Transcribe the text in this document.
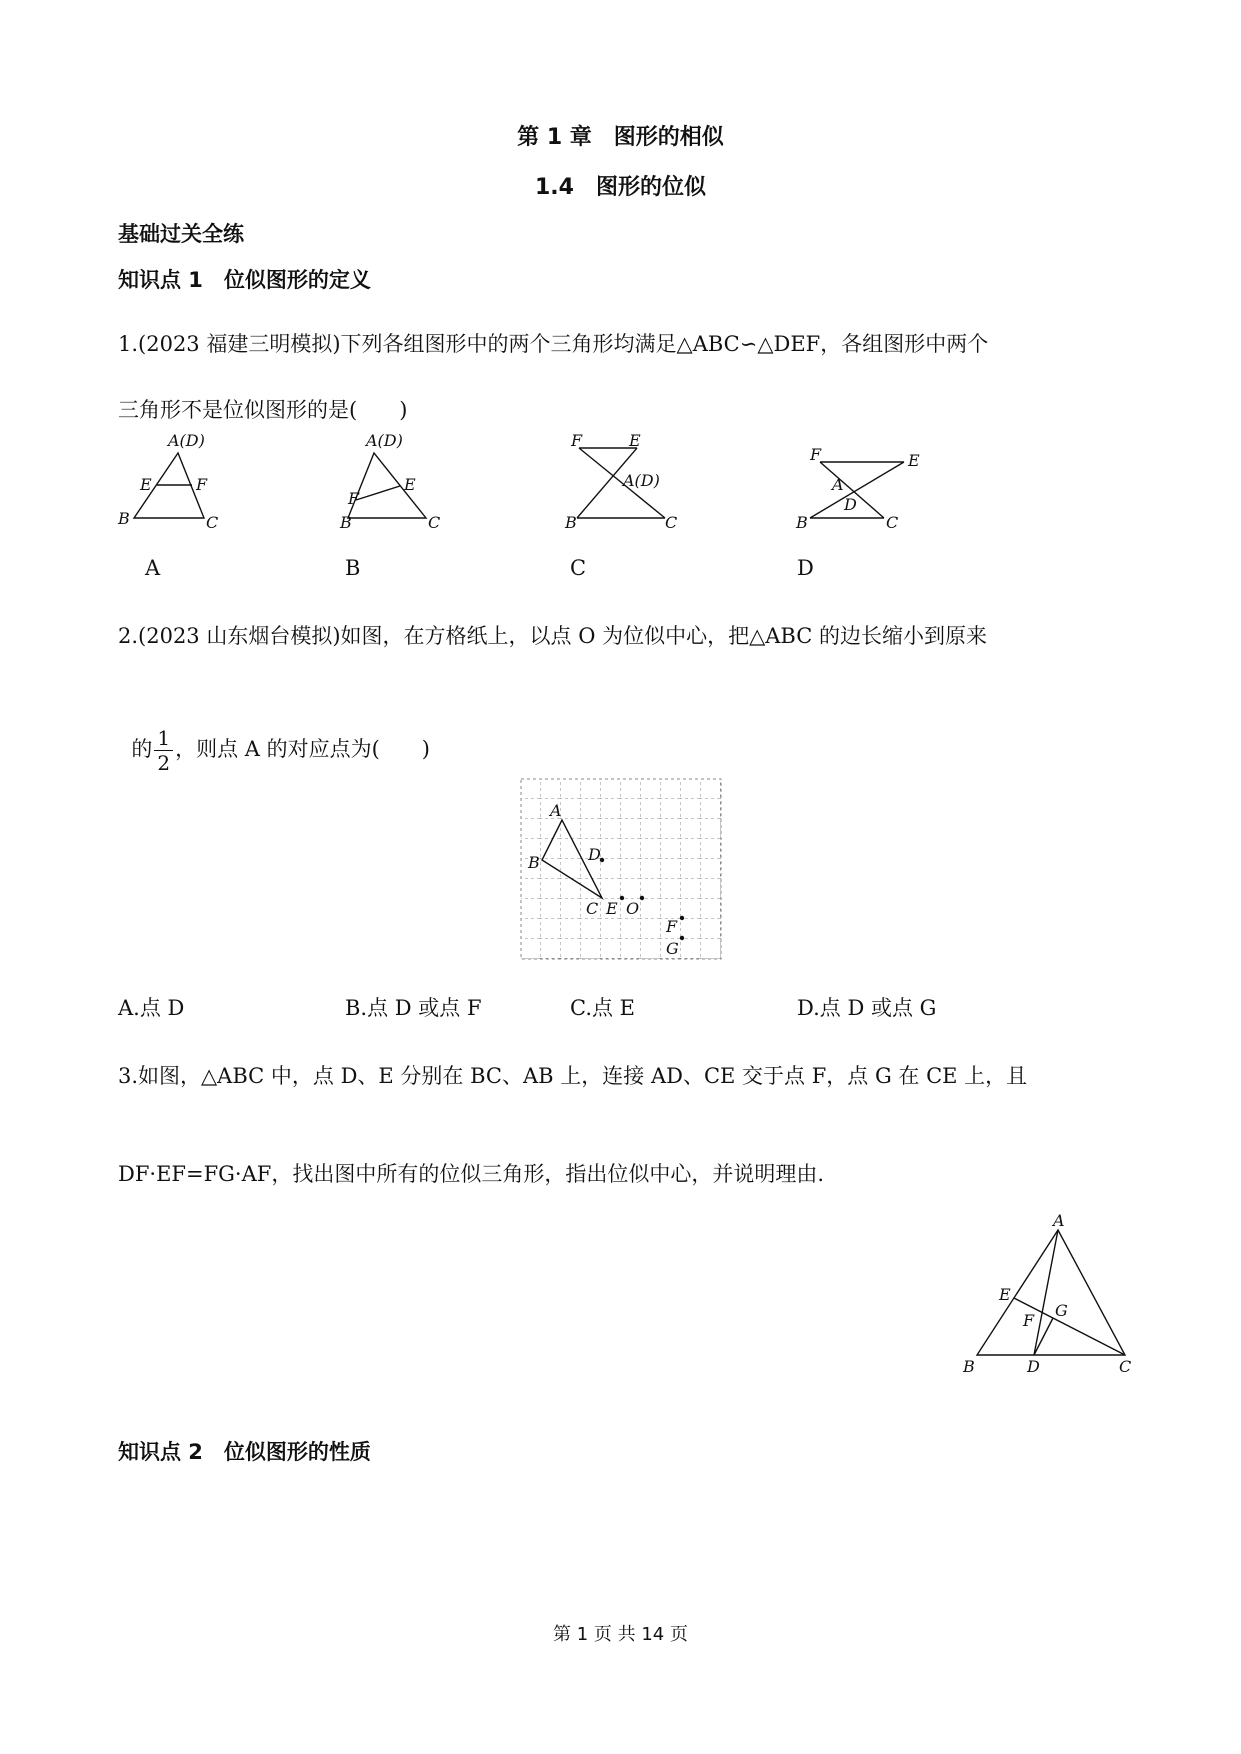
第 1 章　图形的相似
1.4　图形的位似
基础过关全练
知识点 1　位似图形的定义
1.(2023 福建三明模拟)下列各组图形中的两个三角形均满足△ABC∽△DEF，各组图形中两个
三角形不是位似图形的是(　　)
A(D)
E	F
B	C
A(D)
E
F
B	C
F	E
A(D)
B	C
F	E
A
D
B	C
A	B	C	D
2.(2023 山东烟台模拟)如图，在方格纸上，以点 O 为位似中心，把△ABC 的边长缩小到原来

的 $\frac{1}{2}$ ，则点 A 的对应点为(　　)

A
B
C
D
E O
F
G
A.点 D	B.点 D 或点 F	C.点 E	D.点 D 或点 G
3.如图，△ABC 中，点 D、E 分别在 BC、AB 上，连接 AD、CE 交于点 F，点 G 在 CE 上，且
DF·EF=FG·AF，找出图中所有的位似三角形，指出位似中心，并说明理由.
A
E
G
F
B	D	C
知识点 2　位似图形的性质
第 1 页 共 14 页
